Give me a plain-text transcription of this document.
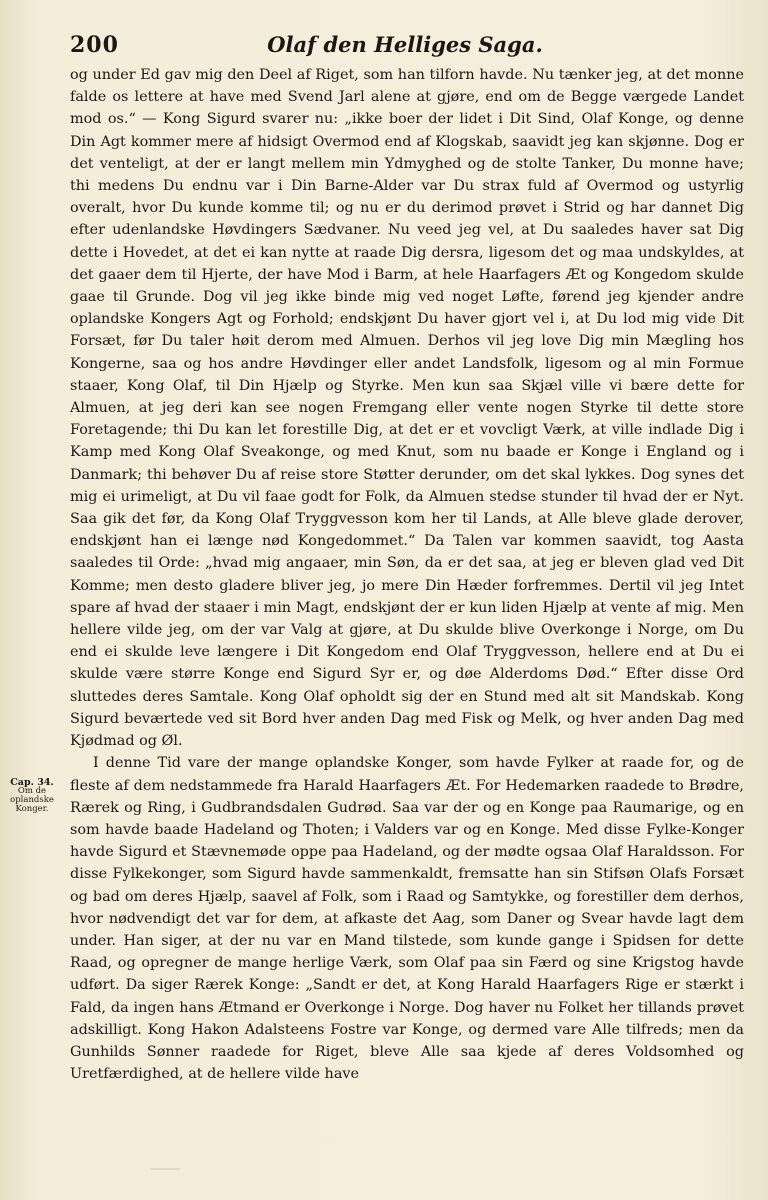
200	Olaf den Helliges Saga.
Cap. 34.
Om de oplandske Konger.

og under Ed gav mig den Deel af Riget, som han tilforn havde. Nu tænker jeg, at det monne falde os lettere at have med Svend Jarl alene at gjøre, end om de Begge værgede Landet mod os.“ — Kong Sigurd svarer nu: „ikke boer der lidet i Dit Sind, Olaf Konge, og denne Din Agt kommer mere af hidsigt Overmod end af Klogskab, saavidt jeg kan skjønne. Dog er det venteligt, at der er langt mellem min Ydmyghed og de stolte Tanker, Du monne have; thi medens Du endnu var i Din Barne-Alder var Du strax fuld af Overmod og ustyrlig overalt, hvor Du kunde komme til; og nu er du derimod prøvet i Strid og har dannet Dig efter udenlandske Høvdingers Sædvaner. Nu veed jeg vel, at Du saaledes haver sat Dig dette i Hovedet, at det ei kan nytte at raade Dig dersra, ligesom det og maa undskyldes, at det gaaer dem til Hjerte, der have Mod i Barm, at hele Haarfagers Æt og Kongedom skulde gaae til Grunde. Dog vil jeg ikke binde mig ved noget Løfte, førend jeg kjender andre oplandske Kongers Agt og Forhold; endskjønt Du haver gjort vel i, at Du lod mig vide Dit Forsæt, før Du taler høit derom med Almuen. Derhos vil jeg love Dig min Mægling hos Kongerne, saa og hos andre Høvdinger eller andet Landsfolk, ligesom og al min Formue staaer, Kong Olaf, til Din Hjælp og Styrke. Men kun saa Skjæl ville vi bære dette for Almuen, at jeg deri kan see nogen Fremgang eller vente nogen Styrke til dette store Foretagende; thi Du kan let forestille Dig, at det er et vovcligt Værk, at ville indlade Dig i Kamp med Kong Olaf Sveakonge, og med Knut, som nu baade er Konge i England og i Danmark; thi behøver Du af reise store Støtter derunder, om det skal lykkes. Dog synes det mig ei urimeligt, at Du vil faae godt for Folk, da Almuen stedse stunder til hvad der er Nyt. Saa gik det før, da Kong Olaf Tryggvesson kom her til Lands, at Alle bleve glade derover, endskjønt han ei længe nød Kongedommet.“ Da Talen var kommen saavidt, tog Aasta saaledes til Orde: „hvad mig angaaer, min Søn, da er det saa, at jeg er bleven glad ved Dit Komme; men desto gladere bliver jeg, jo mere Din Hæder forfremmes. Dertil vil jeg Intet spare af hvad der staaer i min Magt, endskjønt der er kun liden Hjælp at vente af mig. Men hellere vilde jeg, om der var Valg at gjøre, at Du skulde blive Overkonge i Norge, om Du end ei skulde leve længere i Dit Kongedom end Olaf Tryggvesson, hellere end at Du ei skulde være større Konge end Sigurd Syr er, og døe Alderdoms Død.“ Efter disse Ord sluttedes deres Samtale. Kong Olaf opholdt sig der en Stund med alt sit Mandskab. Kong Sigurd beværtede ved sit Bord hver anden Dag med Fisk og Melk, og hver anden Dag med Kjødmad og Øl.

I denne Tid vare der mange oplandske Konger, som havde Fylker at raade for, og de fleste af dem nedstammede fra Harald Haarfagers Æt. For Hedemarken raadede to Brødre, Rærek og Ring, i Gudbrandsdalen Gudrød. Saa var der og en Konge paa Raumarige, og en som havde baade Hadeland og Thoten; i Valders var og en Konge. Med disse Fylke-Konger havde Sigurd et Stævnemøde oppe paa Hadeland, og der mødte ogsaa Olaf Haraldsson. For disse Fylkekonger, som Sigurd havde sammenkaldt, fremsatte han sin Stifsøn Olafs Forsæt og bad om deres Hjælp, saavel af Folk, som i Raad og Samtykke, og forestiller dem derhos, hvor nødvendigt det var for dem, at afkaste det Aag, som Daner og Svear havde lagt dem under. Han siger, at der nu var en Mand tilstede, som kunde gange i Spidsen for dette Raad, og opregner de mange herlige Værk, som Olaf paa sin Færd og sine Krigstog havde udført. Da siger Rærek Konge: „Sandt er det, at Kong Harald Haarfagers Rige er stærkt i Fald, da ingen hans Ætmand er Overkonge i Norge. Dog haver nu Folket her tillands prøvet adskilligt. Kong Hakon Adalsteens Fostre var Konge, og dermed vare Alle tilfreds; men da Gunhilds Sønner raadede for Riget, bleve Alle saa kjede af deres Voldsomhed og Uretfærdighed, at de hellere vilde have
